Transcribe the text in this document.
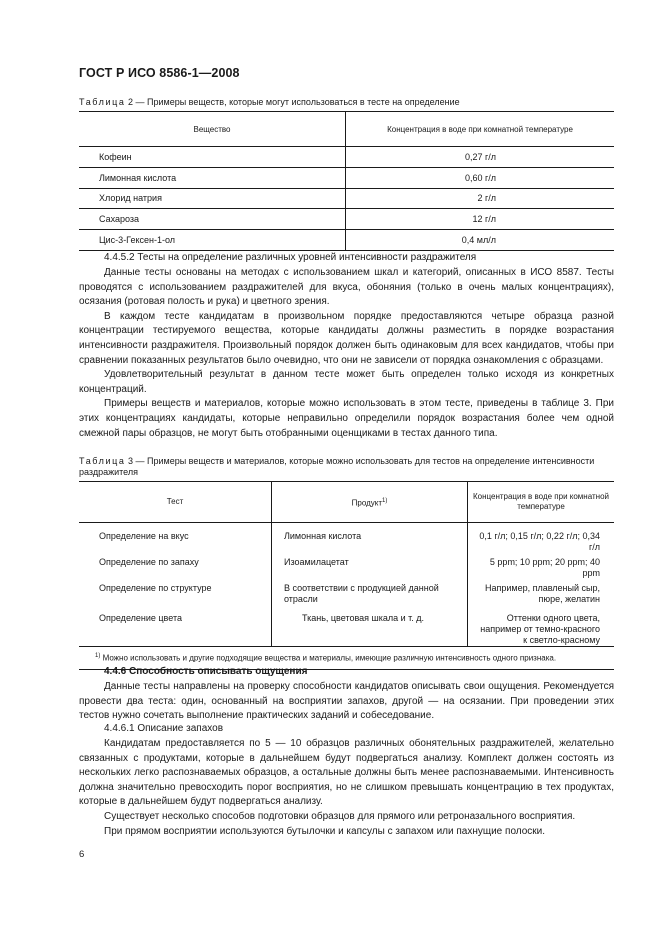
ГОСТ Р ИСО 8586-1—2008
Таблица 2 — Примеры веществ, которые могут использоваться в тесте на определение
Вещество	Концентрация в воде при комнатной температуре
Кофеин	0,27 г/л
Лимонная кислота	0,60 г/л
Хлорид натрия	2 г/л
Сахароза	12 г/л
Цис-3-Гексен-1-ол	0,4 мл/л
4.4.5.2 Тесты на определение различных уровней интенсивности раздражителя

Данные тесты основаны на методах с использованием шкал и категорий, описанных в ИСО 8587. Тесты проводятся с использованием раздражителей для вкуса, обоняния (только в очень малых концентрациях), осязания (ротовая полость и рука) и цветного зрения.

В каждом тесте кандидатам в произвольном порядке предоставляются четыре образца разной концентрации тестируемого вещества, которые кандидаты должны разместить в порядке возрастания интенсивности раздражителя. Произвольный порядок должен быть одинаковым для всех кандидатов, чтобы при сравнении показанных результатов было очевидно, что они не зависели от порядка ознакомления с образцами.

Удовлетворительный результат в данном тесте может быть определен только исходя из конкретных концентраций.

Примеры веществ и материалов, которые можно использовать в этом тесте, приведены в таблице 3. При этих концентрациях кандидаты, которые неправильно определили порядок возрастания более чем одной смежной пары образцов, не могут быть отобранными оценщиками в тестах данного типа.

Таблица 3 — Примеры веществ и материалов, которые можно использовать для тестов на определение интенсивности раздражителя
Тест	Продукт$^{1)}$	Концентрация в воде при комнатной температуре
Определение на вкус	Лимонная кислота	0,1 г/л; 0,15 г/л; 0,22 г/л; 0,34 г/л
Определение по запаху	Изоамилацетат	5 ppm; 10 ppm; 20 ppm; 40 ppm
Определение по структуре	В соответствии с продукцией данной отрасли	Например, плавленый сыр, пюре, желатин
Определение цвета	Ткань, цветовая шкала и т. д.	Оттенки одного цвета, например от темно-красного к светло-красному
$^{1)}$ Можно использовать и другие подходящие вещества и материалы, имеющие различную интенсивность одного признака.		
4.4.6 Способность описывать ощущения

Данные тесты направлены на проверку способности кандидатов описывать свои ощущения. Рекомендуется провести два теста: один, основанный на восприятии запахов, другой — на осязании. При проведении этих тестов нужно сочетать выполнение практических заданий и собеседование.

4.4.6.1 Описание запахов

Кандидатам предоставляется по 5 — 10 образцов различных обонятельных раздражителей, желательно связанных с продуктами, которые в дальнейшем будут подвергаться анализу. Комплект должен состоять из нескольких легко распознаваемых образцов, а остальные должны быть менее распознаваемыми. Интенсивность должна значительно превосходить порог восприятия, но не слишком превышать концентрацию в тех продуктах, которые в дальнейшем будут подвергаться анализу.

Существует несколько способов подготовки образцов для прямого или ретроназального восприятия.

При прямом восприятии используются бутылочки и капсулы с запахом или пахнущие полоски.

6
